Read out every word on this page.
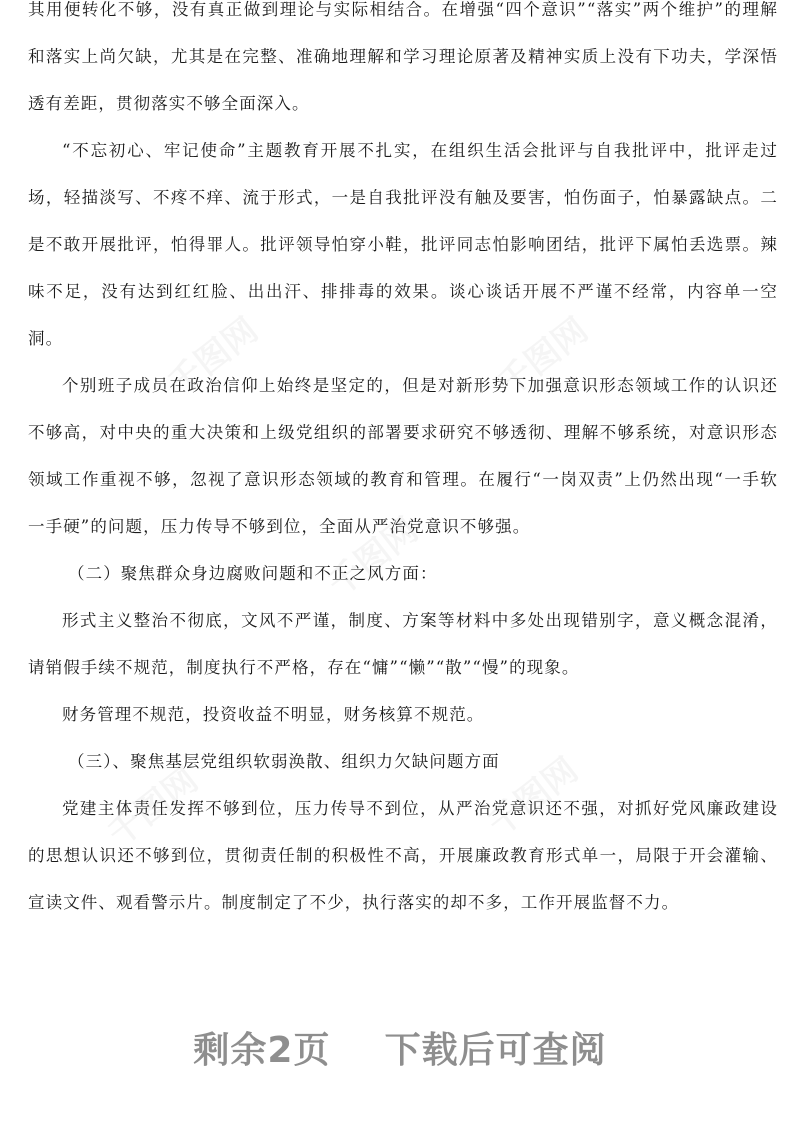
其用便转化不够，没有真正做到理论与实际相结合。在增强“四个意识”“落实”两个维护”的理解和落实上尚欠缺，尤其是在完整、准确地理解和学习理论原著及精神实质上没有下功夫，学深悟透有差距，贯彻落实不够全面深入。

“不忘初心、牢记使命”主题教育开展不扎实，在组织生活会批评与自我批评中，批评走过场，轻描淡写、不疼不痒、流于形式，一是自我批评没有触及要害，怕伤面子，怕暴露缺点。二是不敢开展批评，怕得罪人。批评领导怕穿小鞋，批评同志怕影响团结，批评下属怕丢选票。辣味不足，没有达到红红脸、出出汗、排排毒的效果。谈心谈话开展不严谨不经常，内容单一空洞。

个别班子成员在政治信仰上始终是坚定的，但是对新形势下加强意识形态领域工作的认识还不够高，对中央的重大决策和上级党组织的部署要求研究不够透彻、理解不够系统，对意识形态领域工作重视不够，忽视了意识形态领域的教育和管理。在履行“一岗双责”上仍然出现“一手软一手硬”的问题，压力传导不够到位，全面从严治党意识不够强。

（二）聚焦群众身边腐败问题和不正之风方面：

形式主义整治不彻底，文风不严谨，制度、方案等材料中多处出现错别字，意义概念混淆，请销假手续不规范，制度执行不严格，存在“慵”“懒”“散”“慢”的现象。

财务管理不规范，投资收益不明显，财务核算不规范。

（三）、聚焦基层党组织软弱涣散、组织力欠缺问题方面

党建主体责任发挥不够到位，压力传导不到位，从严治党意识还不强，对抓好党风廉政建设的思想认识还不够到位，贯彻责任制的积极性不高，开展廉政教育形式单一，局限于开会灌输、宣读文件、观看警示片。制度制定了不少，执行落实的却不多，工作开展监督不力。

千图网	千图网
千图网
千图网	千图网
剩余2页    下载后可查阅
